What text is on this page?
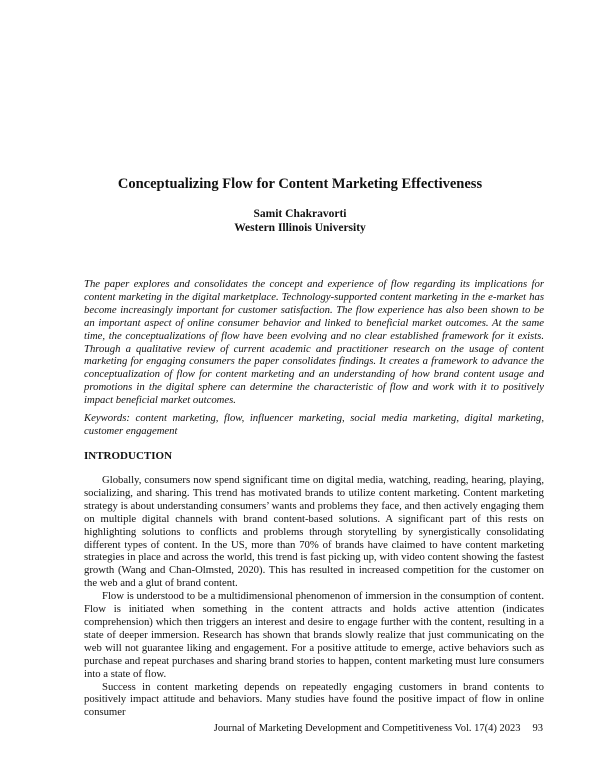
Conceptualizing Flow for Content Marketing Effectiveness
Samit Chakravorti
Western Illinois University
The paper explores and consolidates the concept and experience of flow regarding its implications for content marketing in the digital marketplace. Technology-supported content marketing in the e-market has become increasingly important for customer satisfaction. The flow experience has also been shown to be an important aspect of online consumer behavior and linked to beneficial market outcomes. At the same time, the conceptualizations of flow have been evolving and no clear established framework for it exists. Through a qualitative review of current academic and practitioner research on the usage of content marketing for engaging consumers the paper consolidates findings. It creates a framework to advance the conceptualization of flow for content marketing and an understanding of how brand content usage and promotions in the digital sphere can determine the characteristic of flow and work with it to positively impact beneficial market outcomes.
Keywords: content marketing, flow, influencer marketing, social media marketing, digital marketing, customer engagement
INTRODUCTION

Globally, consumers now spend significant time on digital media, watching, reading, hearing, playing, socializing, and sharing. This trend has motivated brands to utilize content marketing. Content marketing strategy is about understanding consumers’ wants and problems they face, and then actively engaging them on multiple digital channels with brand content-based solutions. A significant part of this rests on highlighting solutions to conflicts and problems through storytelling by synergistically consolidating different types of content. In the US, more than 70% of brands have claimed to have content marketing strategies in place and across the world, this trend is fast picking up, with video content showing the fastest growth (Wang and Chan-Olmsted, 2020). This has resulted in increased competition for the customer on the web and a glut of brand content.

Flow is understood to be a multidimensional phenomenon of immersion in the consumption of content. Flow is initiated when something in the content attracts and holds active attention (indicates comprehension) which then triggers an interest and desire to engage further with the content, resulting in a state of deeper immersion. Research has shown that brands slowly realize that just communicating on the web will not guarantee liking and engagement. For a positive attitude to emerge, active behaviors such as purchase and repeat purchases and sharing brand stories to happen, content marketing must lure consumers into a state of flow.

Success in content marketing depends on repeatedly engaging customers in brand contents to positively impact attitude and behaviors. Many studies have found the positive impact of flow in online consumer

Journal of Marketing Development and Competitiveness Vol. 17(4) 2023 93
